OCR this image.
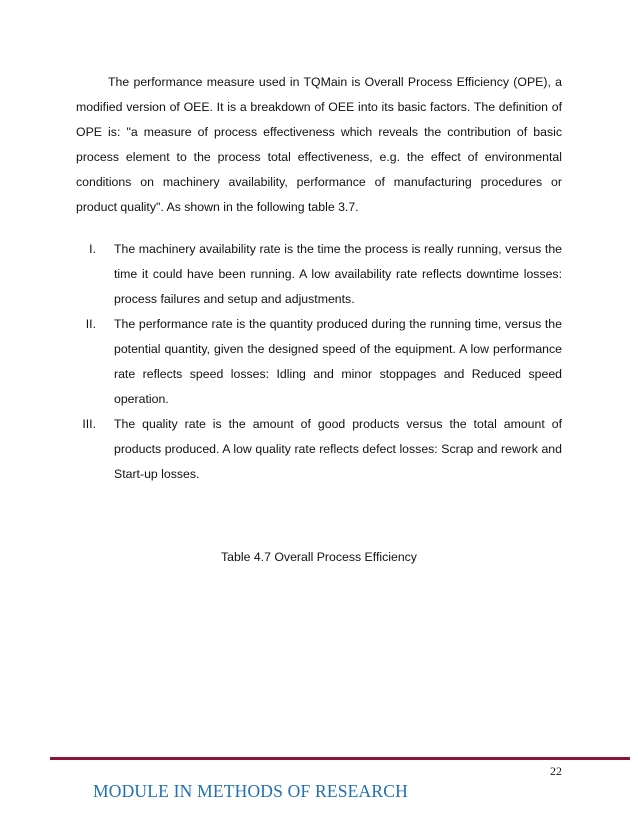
The performance measure used in TQMain is Overall Process Efficiency (OPE), a modified version of OEE. It is a breakdown of OEE into its basic factors. The definition of OPE is: "a measure of process effectiveness which reveals the contribution of basic process element to the process total effectiveness, e.g. the effect of environmental conditions on machinery availability, performance of manufacturing procedures or product quality". As shown in the following table 3.7.

I. The machinery availability rate is the time the process is really running, versus the time it could have been running. A low availability rate reflects downtime losses: process failures and setup and adjustments.
II. The performance rate is the quantity produced during the running time, versus the potential quantity, given the designed speed of the equipment. A low performance rate reflects speed losses: Idling and minor stoppages and Reduced speed operation.
III. The quality rate is the amount of good products versus the total amount of products produced. A low quality rate reflects defect losses: Scrap and rework and Start-up losses.
Table 4.7 Overall Process Efficiency
22
MODULE IN METHODS OF RESEARCH
